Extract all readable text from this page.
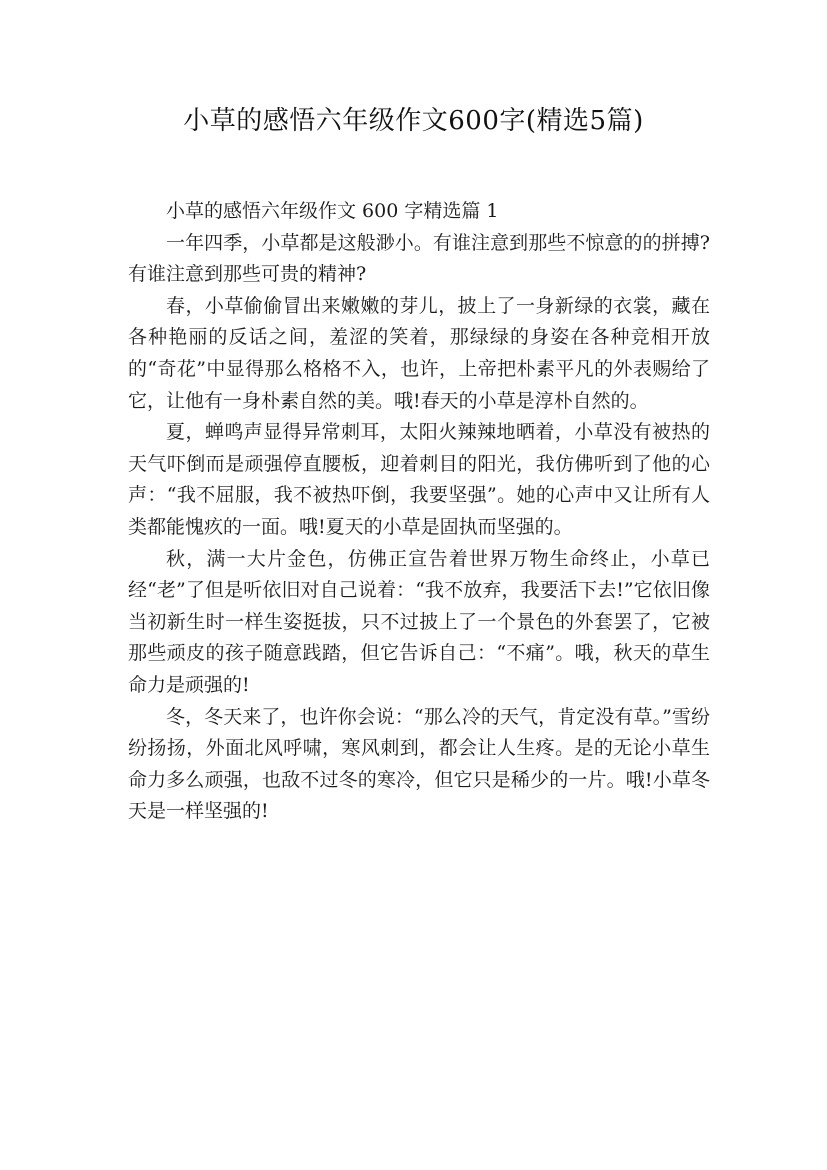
小草的感悟六年级作文600字(精选5篇)

小草的感悟六年级作文 600 字精选篇 1

一年四季，小草都是这般渺小。有谁注意到那些不惊意的的拼搏?有谁注意到那些可贵的精神?

春，小草偷偷冒出来嫩嫩的芽儿，披上了一身新绿的衣裳，藏在各种艳丽的反话之间，羞涩的笑着，那绿绿的身姿在各种竞相开放的“奇花”中显得那么格格不入，也许，上帝把朴素平凡的外表赐给了它，让他有一身朴素自然的美。哦!春天的小草是淳朴自然的。

夏，蝉鸣声显得异常刺耳，太阳火辣辣地晒着，小草没有被热的天气吓倒而是顽强停直腰板，迎着刺目的阳光，我仿佛听到了他的心声：“我不屈服，我不被热吓倒，我要坚强”。她的心声中又让所有人类都能愧疚的一面。哦!夏天的小草是固执而坚强的。

秋，满一大片金色，仿佛正宣告着世界万物生命终止，小草已经“老”了但是听依旧对自己说着：“我不放弃，我要活下去!”它依旧像当初新生时一样生姿挺拔，只不过披上了一个景色的外套罢了，它被那些顽皮的孩子随意践踏，但它告诉自己：“不痛”。哦，秋天的草生命力是顽强的!

冬，冬天来了，也许你会说：“那么冷的天气，肯定没有草。”雪纷纷扬扬，外面北风呼啸，寒风刺到，都会让人生疼。是的无论小草生命力多么顽强，也敌不过冬的寒冷，但它只是稀少的一片。哦!小草冬天是一样坚强的!
